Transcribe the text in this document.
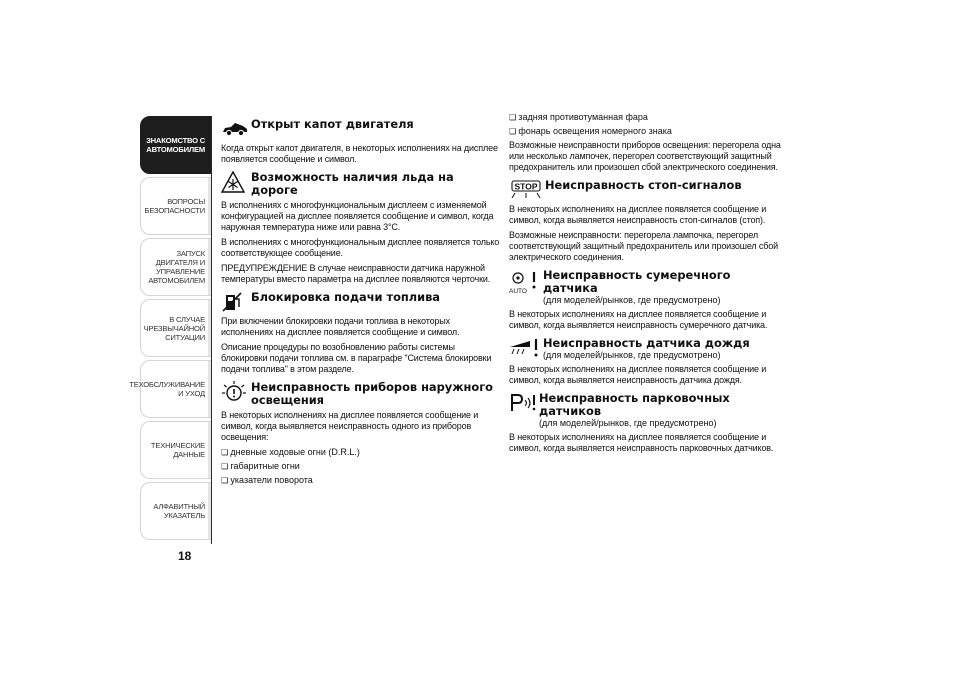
ЗНАКОМСТВО С АВТОМОБИЛЕМ
ВОПРОСЫ БЕЗОПАСНОСТИ
ЗАПУСК ДВИГАТЕЛЯ И УПРАВЛЕНИЕ АВТОМОБИЛЕМ
В СЛУЧАЕ ЧРЕЗВЫЧАЙНОЙ СИТУАЦИИ
ТЕХОБСЛУЖИВАНИЕ И УХОД
ТЕХНИЧЕСКИЕ ДАННЫЕ
АЛФАВИТНЫЙ УКАЗАТЕЛЬ
18
Открыт капот двигателя

Когда открыт капот двигателя, в некоторых исполнениях на дисплее появляется сообщение и символ.

Возможность наличия льда на дороге

В исполнениях с многофункциональным дисплеем с изменяемой конфигурацией на дисплее появляется сообщение и символ, когда наружная температура ниже или равна 3°C.

В исполнениях с многофункциональным дисплее появляется только соответствующее сообщение.

ПРЕДУПРЕЖДЕНИЕ В случае неисправности датчика наружной температуры вместо параметра на дисплее появляются черточки.

Блокировка подачи топлива

При включении блокировки подачи топлива в некоторых исполнениях на дисплее появляется сообщение и символ.

Описание процедуры по возобновлению работы системы блокировки подачи топлива см. в параграфе "Система блокировки подачи топлива" в этом разделе.

Неисправность приборов наружного освещения

В некоторых исполнениях на дисплее появляется сообщение и символ, когда выявляется неисправность одного из приборов освещения:

❏ дневные ходовые огни (D.R.L.)
❏ габаритные огни
❏ указатели поворота
❏ задняя противотуманная фара
❏ фонарь освещения номерного знака

Возможные неисправности приборов освещения: перегорела одна или несколько лампочек, перегорел соответствующий защитный предохранитель или произошел сбой электрического соединения.

STOP Неисправность стоп-сигналов

В некоторых исполнениях на дисплее появляется сообщение и символ, когда выявляется неисправность стоп-сигналов (стоп).

Возможные неисправности: перегорела лампочка, перегорел соответствующий защитный предохранитель или произошел сбой электрического соединения.

AUTO
Неисправность сумеречного датчика
(для моделей/рынков, где предусмотрено)

В некоторых исполнениях на дисплее появляется сообщение и символ, когда выявляется неисправность сумеречного датчика.

Неисправность датчика дождя
(для моделей/рынков, где предусмотрено)

В некоторых исполнениях на дисплее появляется сообщение и символ, когда выявляется неисправность датчика дождя.

Неисправность парковочных датчиков
(для моделей/рынков, где предусмотрено)

В некоторых исполнениях на дисплее появляется сообщение и символ, когда выявляется неисправность парковочных датчиков.
